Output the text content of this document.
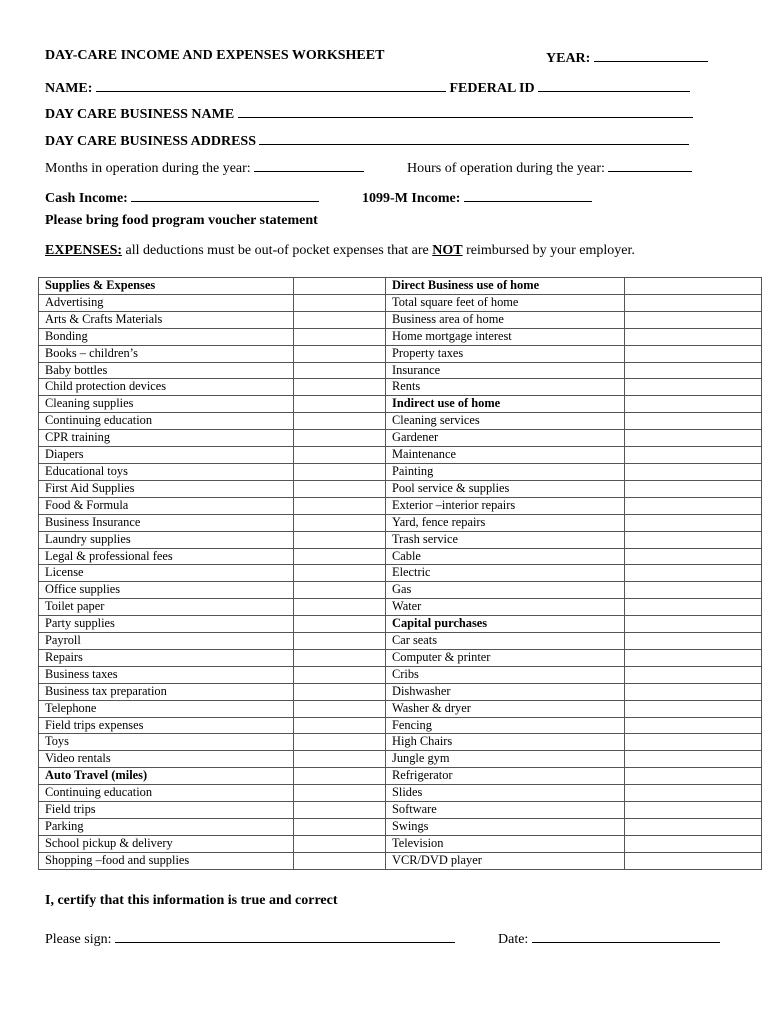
DAY-CARE INCOME AND EXPENSES WORKSHEET	YEAR:
NAME:	FEDERAL ID
DAY CARE BUSINESS NAME
DAY CARE BUSINESS ADDRESS
Months in operation during the year:	Hours of operation during the year:
Cash Income:	1099-M Income:
Please bring food program voucher statement
EXPENSES: all deductions must be out-of pocket expenses that are NOT reimbursed by your employer.
Supplies & Expenses		Direct Business use of home	
Advertising		Total square feet of home	
Arts & Crafts Materials		Business area of home	
Bonding		Home mortgage interest	
Books – children’s		Property taxes	
Baby bottles		Insurance	
Child protection devices		Rents	
Cleaning supplies		Indirect use of home	
Continuing education		Cleaning services	
CPR training		Gardener	
Diapers		Maintenance	
Educational toys		Painting	
First Aid Supplies		Pool service & supplies	
Food & Formula		Exterior –interior repairs	
Business Insurance		Yard, fence repairs	
Laundry supplies		Trash service	
Legal & professional fees		Cable	
License		Electric	
Office supplies		Gas	
Toilet paper		Water	
Party supplies		Capital purchases	
Payroll		Car seats	
Repairs		Computer & printer	
Business taxes		Cribs	
Business tax preparation		Dishwasher	
Telephone		Washer & dryer	
Field trips expenses		Fencing	
Toys		High Chairs	
Video rentals		Jungle gym	
Auto Travel (miles)		Refrigerator	
Continuing education		Slides	
Field trips		Software	
Parking		Swings	
School pickup & delivery		Television	
Shopping –food and supplies		VCR/DVD player	
I, certify that this information is true and correct
Please sign:	Date:
